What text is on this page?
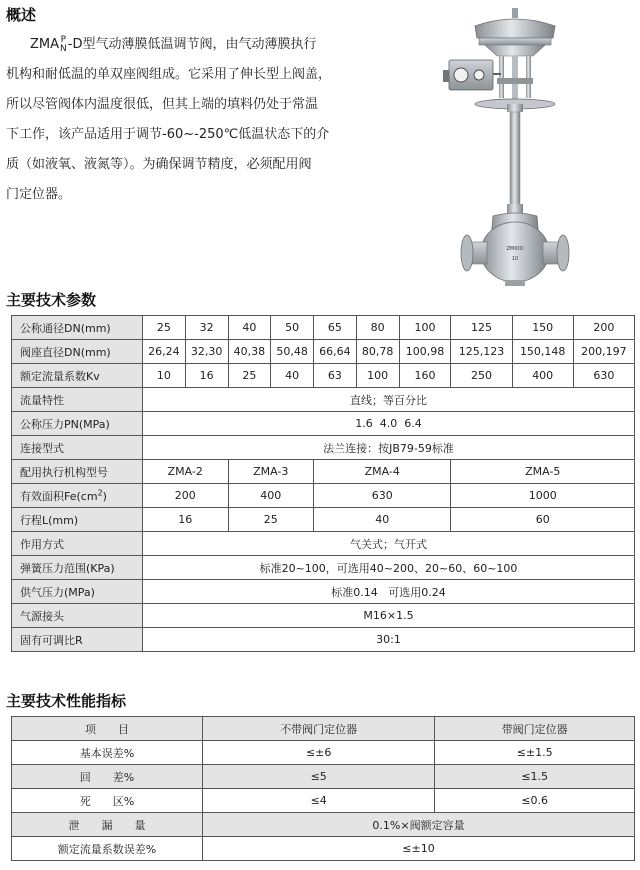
概述

ZMA P
N -D型气动薄膜低温调节阀，由气动薄膜执行

机构和耐低温的单双座阀组成。它采用了伸长型上阀盖，

所以尽管阀体内温度很低，但其上端的填料仍处于常温

下工作，该产品适用于调节-60~-250℃低温状态下的介

质（如液氧、液氮等）。为确保调节精度，必须配用阀

门定位器。

ZMIDO
10
主要技术参数
公称通径DN(mm)	25	32	40	50	65	80	100	125	150	200
阀座直径DN(mm)	26,24	32,30	40,38	50,48	66,64	80,78	100,98	125,123	150,148	200,197
额定流量系数Kv	10	16	25	40	63	100	160	250	400	630
流量特性	直线；等百分比									
公称压力PN(MPa)	1.6  4.0  6.4									
连接型式	法兰连接：按JB79-59标准									
配用执行机构型号	ZMA-2		ZMA-3		ZMA-4			ZMA-5		
有效面积$Fe(cm^2)$	200		400		630			1000		
行程L(mm)	16		25		40			60		
作用方式	气关式；气开式									
弹簧压力范围(KPa)	标准20~100，可选用40~200、20~60、60~100									
供气压力(MPa)	标准0.14   可选用0.24									
气源接头	M16×1.5									
固有可调比R	30:1									
主要技术性能指标
项　　目	不带阀门定位器	带阀门定位器
基本误差%	≤±6	≤±1.5
回　　差%	≤5	≤1.5
死　　区%	≤4	≤0.6
泄　　漏　　量	0.1%×阀额定容量	
额定流量系数误差%	≤±10	
